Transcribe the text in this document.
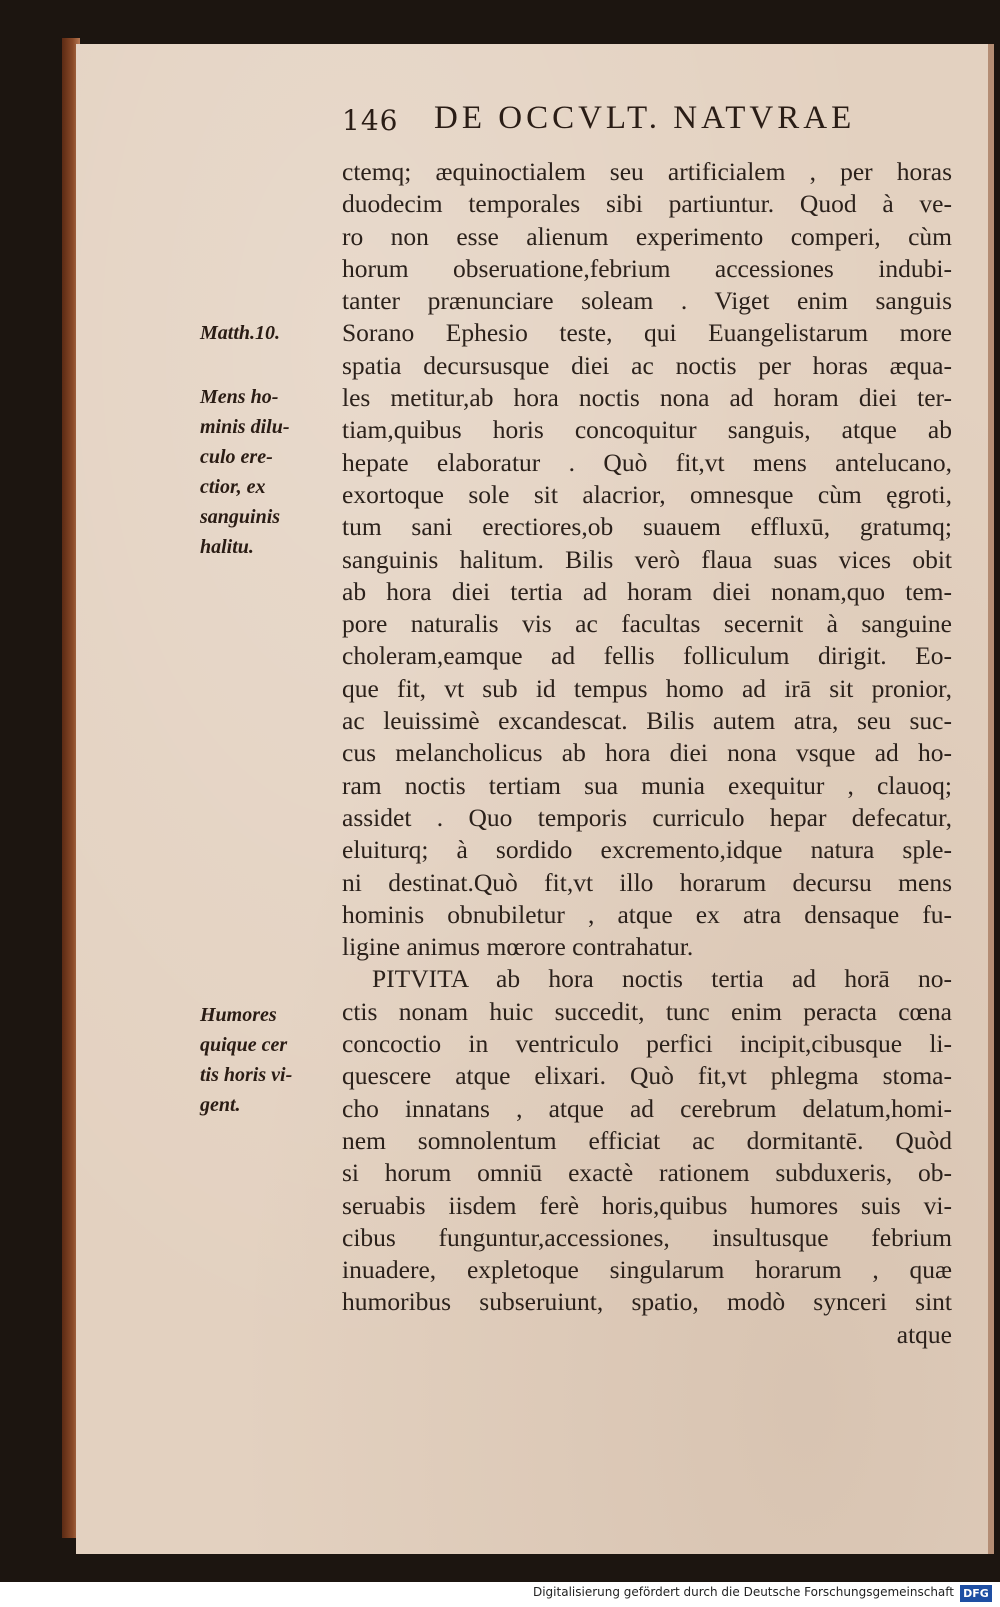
146 DE OCCVLT. NATVRAE
Matth.10.
Mens ho-
minis dilu-
culo ere-
ctior, ex
sanguinis
halitu.
Humores
quique cer
tis horis vi-
gent.
ctemq; æquinoctialem seu artificialem , per horas
duodecim temporales sibi partiuntur. Quod à ve-
ro non esse alienum experimento comperi, cùm
horum obseruatione,febrium accessiones indubi-
tanter prænunciare soleam . Viget enim sanguis
Sorano Ephesio teste, qui Euangelistarum more
spatia decursusque diei ac noctis per horas æqua-
les metitur,ab hora noctis nona ad horam diei ter-
tiam,quibus horis concoquitur sanguis, atque ab
hepate elaboratur . Quò fit,vt mens antelucano,
exortoque sole sit alacrior, omnesque cùm ęgroti,
tum sani erectiores,ob suauem effluxū, gratumq;
sanguinis halitum. Bilis verò flaua suas vices obit
ab hora diei tertia ad horam diei nonam,quo tem-
pore naturalis vis ac facultas secernit à sanguine
choleram,eamque ad fellis folliculum dirigit. Eo-
que fit, vt sub id tempus homo ad irā sit pronior,
ac leuissimè excandescat. Bilis autem atra, seu suc-
cus melancholicus ab hora diei nona vsque ad ho-
ram noctis tertiam sua munia exequitur , clauoq;
assidet . Quo temporis curriculo hepar defecatur,
eluiturq; à sordido excremento,idque natura sple-
ni destinat.Quò fit,vt illo horarum decursu mens
hominis obnubiletur , atque ex atra densaque fu-
ligine animus mœrore contrahatur.
PITVITA ab hora noctis tertia ad horā no-
ctis nonam huic succedit, tunc enim peracta cœna
concoctio in ventriculo perfici incipit,cibusque li-
quescere atque elixari. Quò fit,vt phlegma stoma-
cho innatans , atque ad cerebrum delatum,homi-
nem somnolentum efficiat ac dormitantē. Quòd
si horum omniū exactè rationem subduxeris, ob-
seruabis iisdem ferè horis,quibus humores suis vi-
cibus funguntur,accessiones, insultusque febrium
inuadere, expletoque singularum horarum , quæ
humoribus subseruiunt, spatio, modò synceri sint
atque
Digitalisierung gefördert durch die Deutsche Forschungsgemeinschaft DFG
